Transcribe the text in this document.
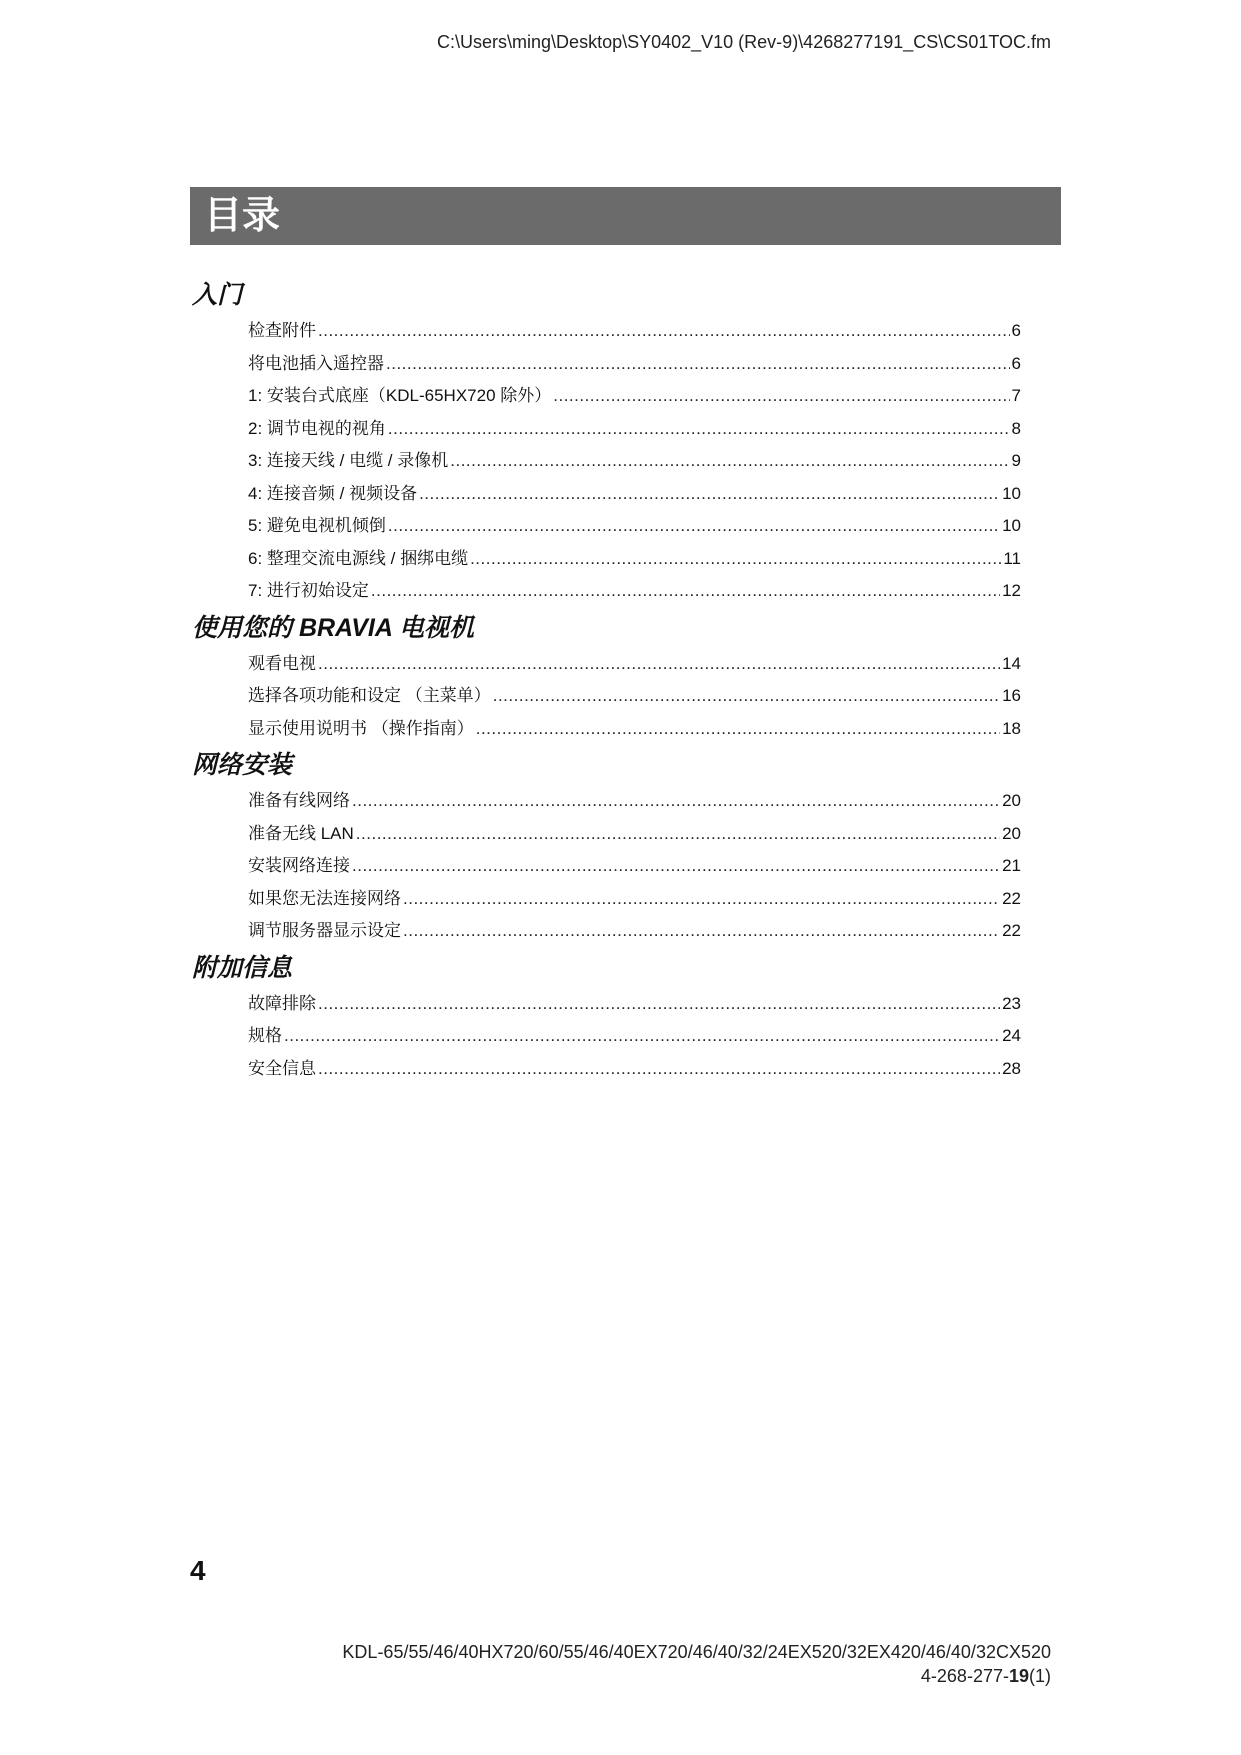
C:\Users\ming\Desktop\SY0402_V10 (Rev-9)\4268277191_CS\CS01TOC.fm
目录
入门
检查附件 .....	6
将电池插入遥控器 .....	6
1: 安装台式底座（KDL-65HX720 除外） .....	7
2: 调节电视的视角 .....	8
3: 连接天线 / 电缆 / 录像机 .....	9
4: 连接音频 / 视频设备 .....	10
5: 避免电视机倾倒 .....	10
6: 整理交流电源线 / 捆绑电缆 .....	11
7: 进行初始设定 .....	12
使用您的 BRAVIA 电视机
观看电视 .....	14
选择各项功能和设定 （主菜单） .....	16
显示使用说明书 （操作指南） .....	18
网络安装
准备有线网络 .....	20
准备无线 LAN .....	20
安装网络连接 .....	21
如果您无法连接网络 .....	22
调节服务器显示设定 .....	22
附加信息
故障排除 .....	23
规格 .....	24
安全信息 .....	28
4
KDL-65/55/46/40HX720/60/55/46/40EX720/46/40/32/24EX520/32EX420/46/40/32CX520
4-268-277-19(1)
